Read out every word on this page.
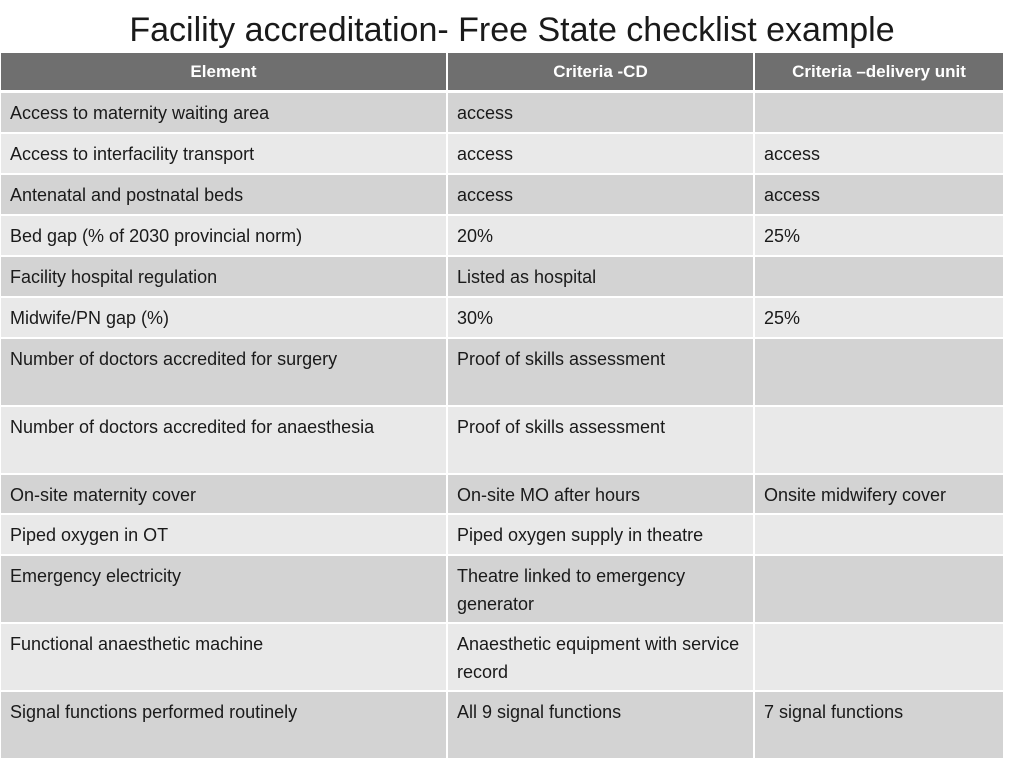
Facility accreditation- Free State checklist example
Element	Criteria -CD	Criteria –delivery unit
Access to maternity waiting area	access	
Access to interfacility transport	access	access
Antenatal and postnatal beds	access	access
Bed gap (% of 2030 provincial norm)	20%	25%
Facility hospital regulation	Listed as hospital	
Midwife/PN gap (%)	30%	25%
Number of doctors accredited for surgery	Proof of skills assessment	
Number of doctors accredited for anaesthesia	Proof of skills assessment	
On-site maternity cover	On-site MO after hours	Onsite midwifery cover
Piped oxygen in OT	Piped oxygen supply in theatre	
Emergency electricity	Theatre linked to emergency generator	
Functional anaesthetic machine	Anaesthetic equipment with service record	
Signal functions performed routinely	All 9 signal functions	7 signal functions
